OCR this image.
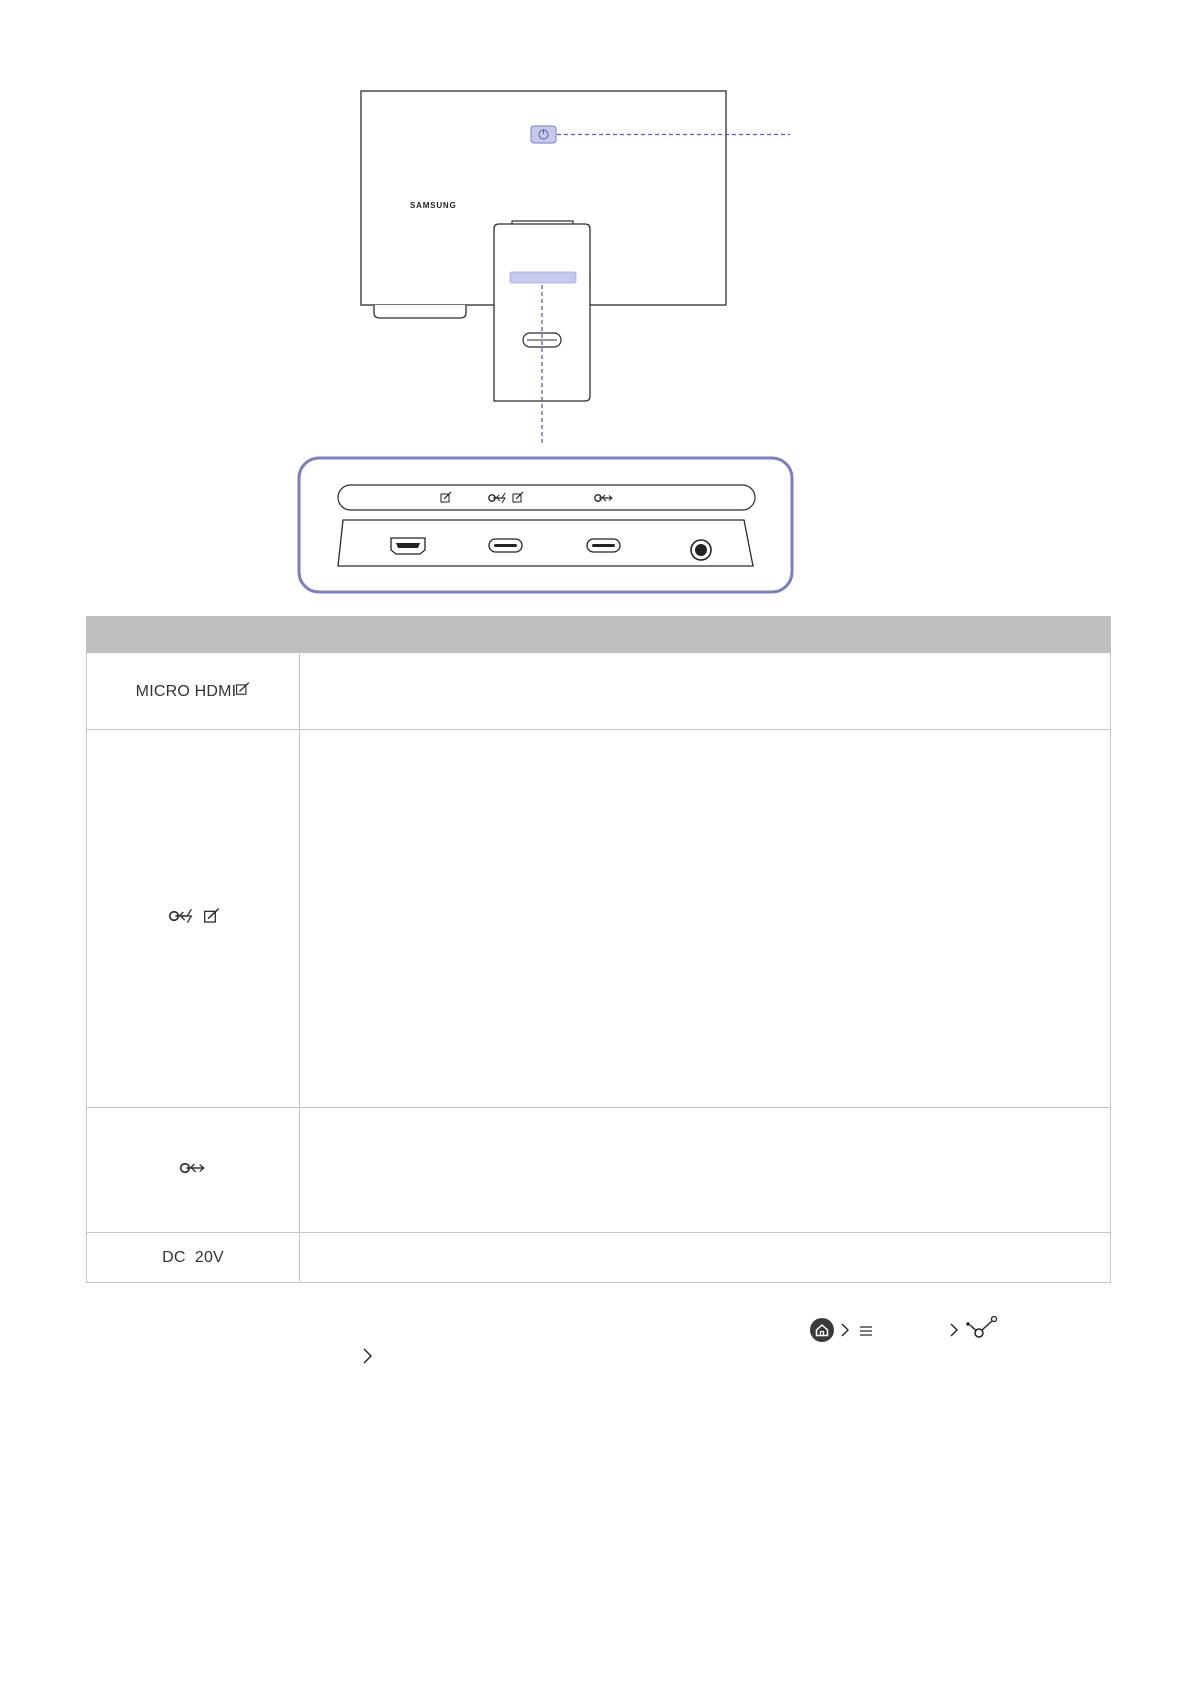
SAMSUNG

MICRO HDMI	

DC  20V	
